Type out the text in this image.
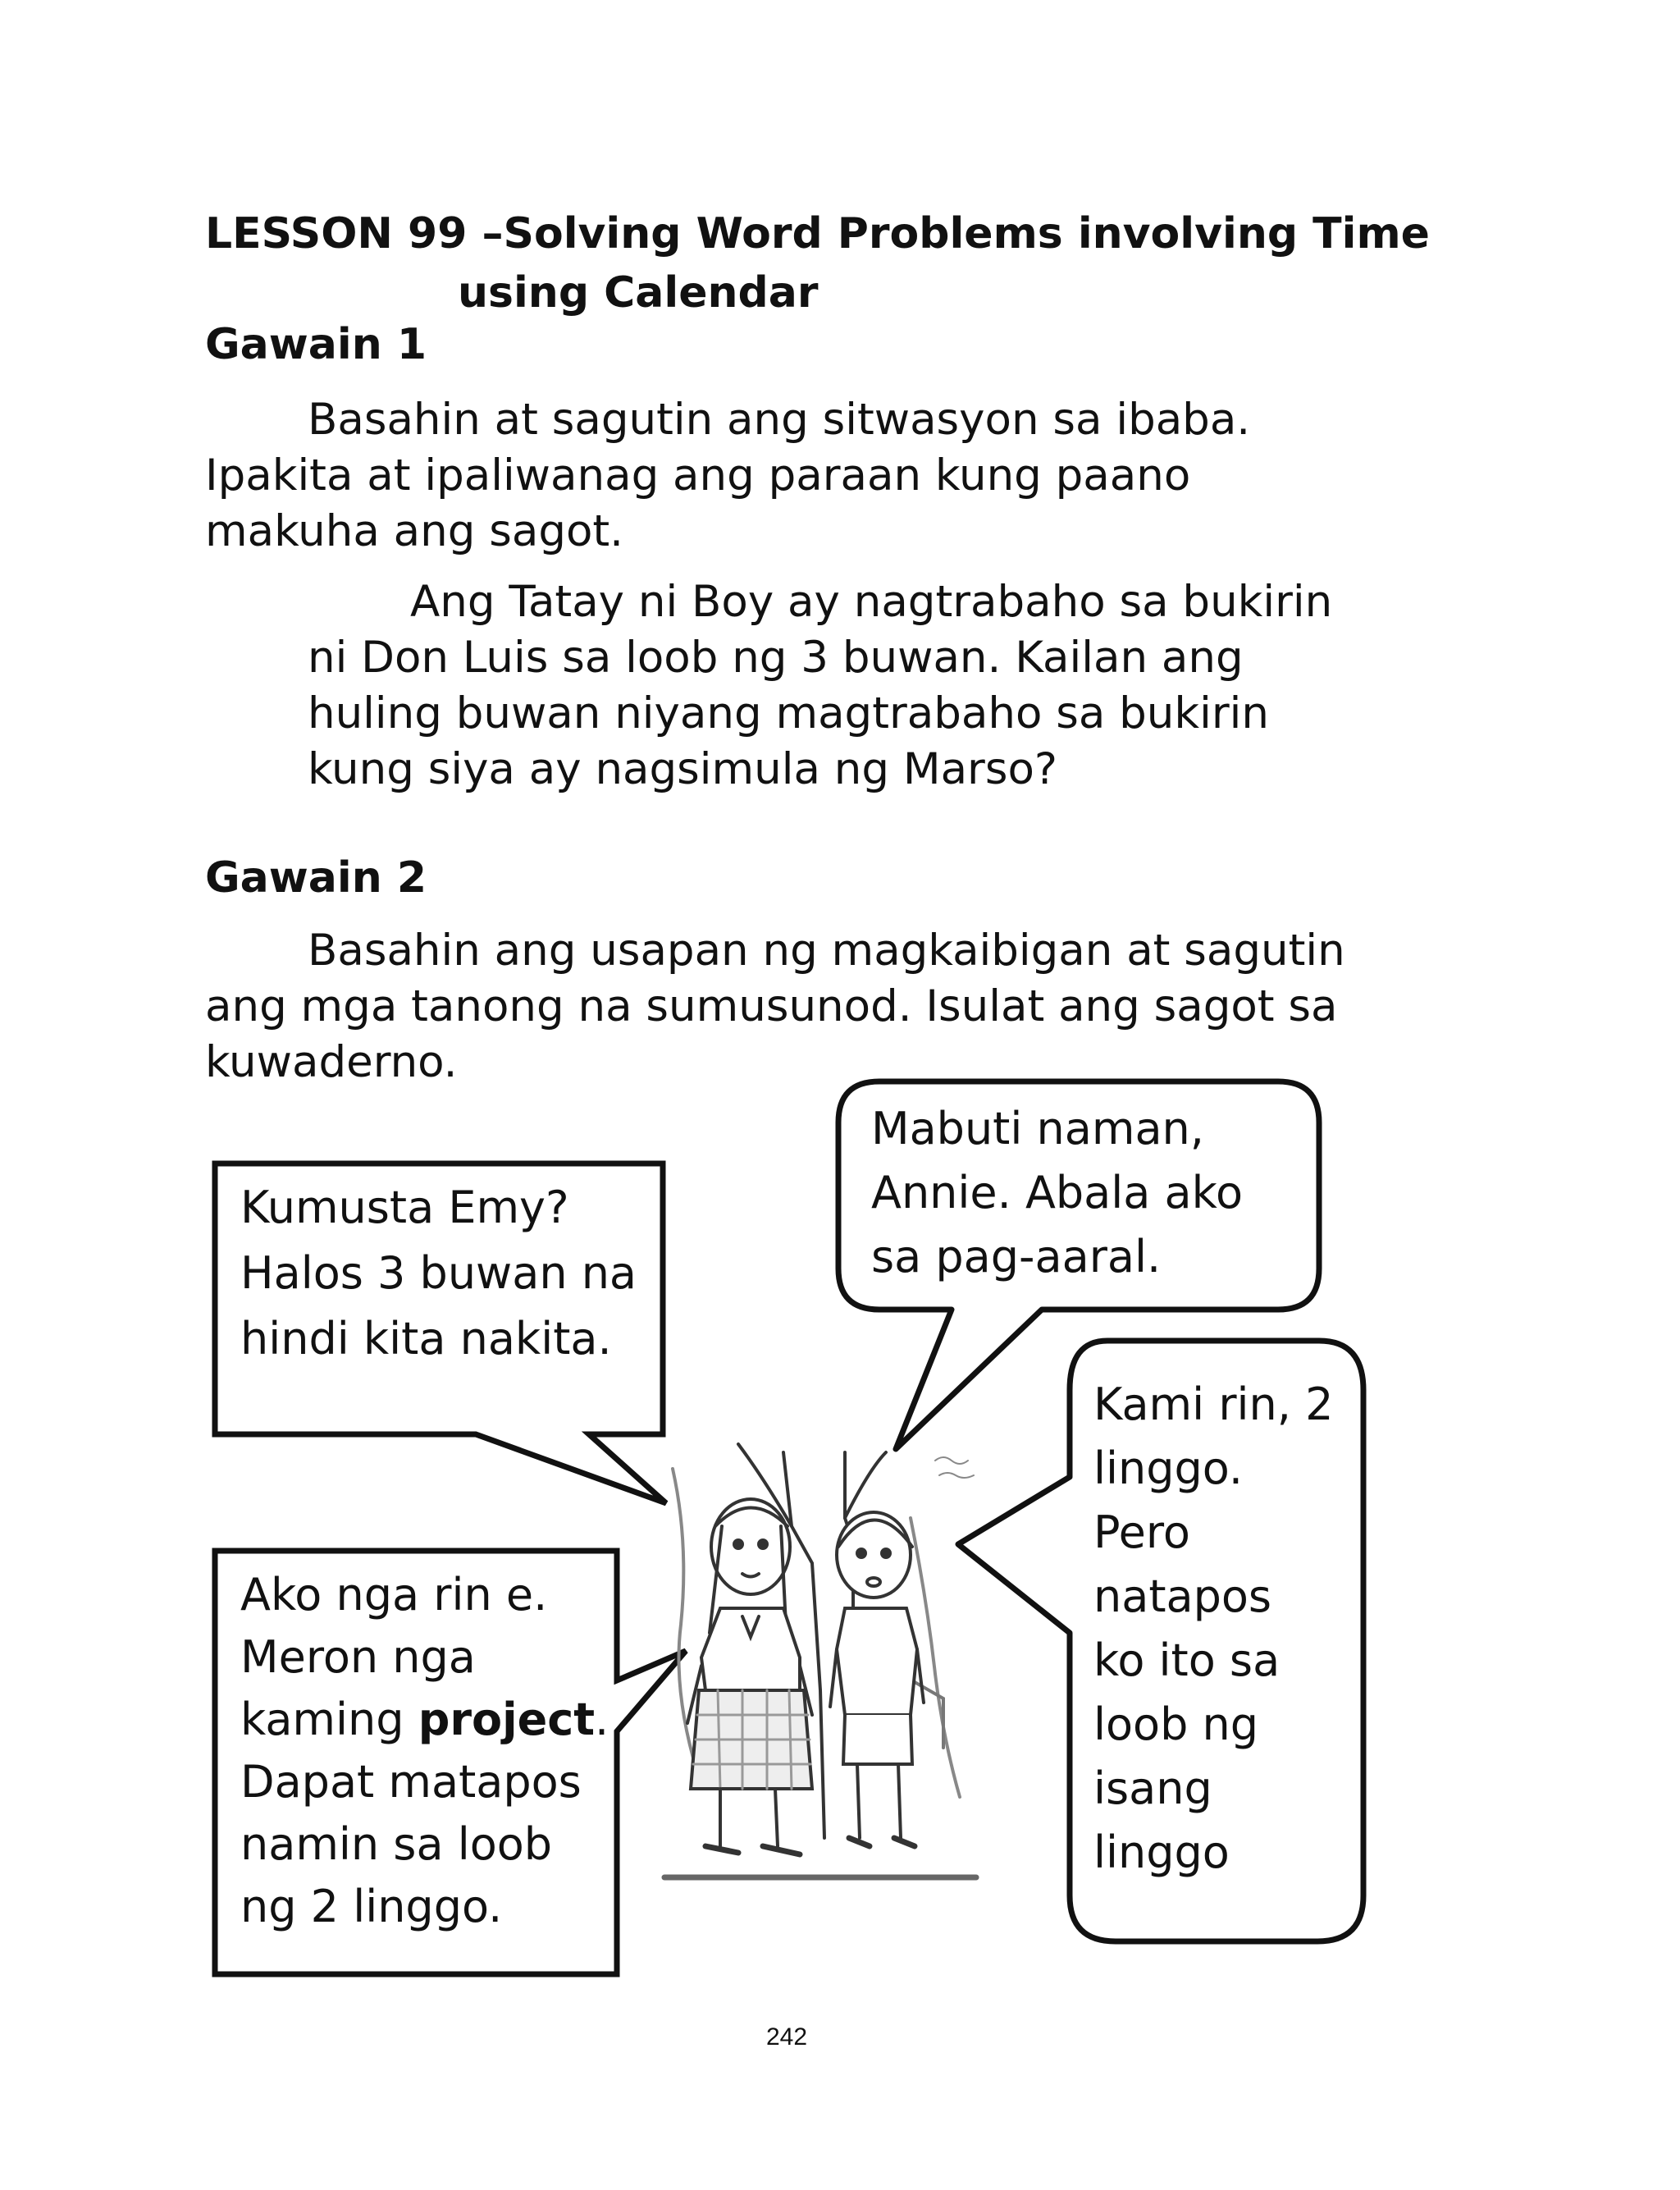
LESSON 99 –Solving Word Problems involving Time
using Calendar
Gawain 1
Basahin at sagutin ang sitwasyon sa ibaba.
Ipakita at ipaliwanag ang paraan kung paano
makuha ang sagot.
Ang Tatay ni Boy ay nagtrabaho sa bukirin
ni Don Luis sa loob ng 3 buwan. Kailan ang
huling buwan niyang magtrabaho sa bukirin
kung siya ay nagsimula ng Marso?
Gawain 2
Basahin ang usapan ng magkaibigan at sagutin
ang mga tanong na sumusunod. Isulat ang sagot sa
kuwaderno.
Kumusta Emy?
Halos 3 buwan na
hindi kita nakita.
Mabuti naman,
Annie. Abala ako
sa pag-aaral.
Ako nga rin e.
Meron nga
kaming project.
Dapat matapos
namin sa loob
ng 2 linggo.
Kami rin, 2
linggo.
Pero
natapos
ko ito sa
loob ng
isang
linggo
242
